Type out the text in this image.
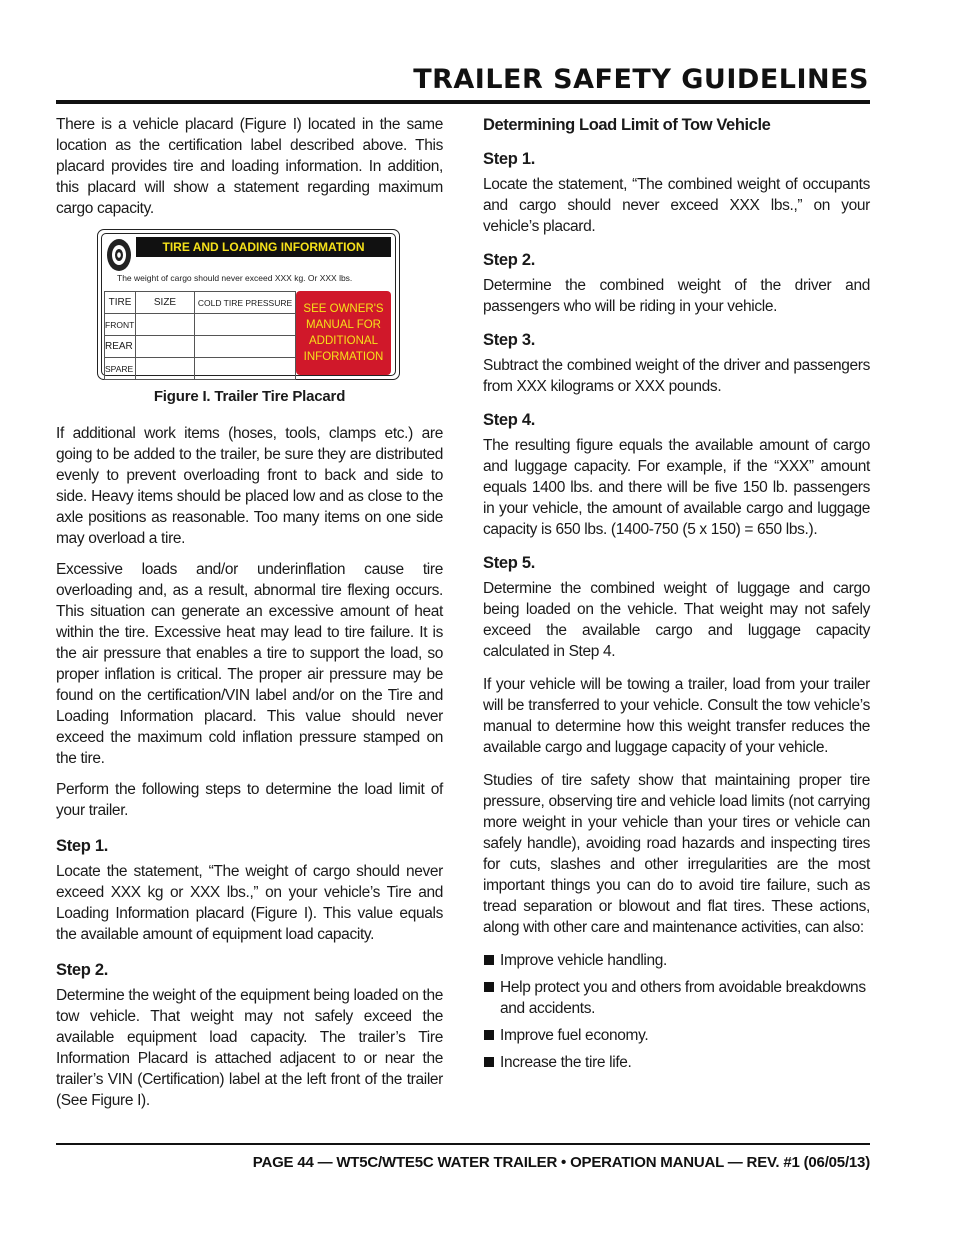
TRAILER SAFETY GUIDELINES

There is a vehicle placard (Figure I) located in the same location as the certification label described above. This placard provides tire and loading information. In addition, this placard will show a statement regarding maximum cargo capacity.

TIRE AND LOADING INFORMATION
The weight of cargo should never exceed XXX kg. Or XXX lbs.
TIRE	SIZE	COLD TIRE PRESSURE
FRONT		
REAR		
SPARE		
SEE OWNER'S MANUAL FOR ADDITIONAL INFORMATION
Figure I. Trailer Tire Placard

If additional work items (hoses, tools, clamps etc.) are going to be added to the trailer, be sure they are distributed evenly to prevent overloading front to back and side to side. Heavy items should be placed low and as close to the axle positions as reasonable. Too many items on one side may overload a tire.

Excessive loads and/or underinflation cause tire overloading and, as a result, abnormal tire flexing occurs. This situation can generate an excessive amount of heat within the tire. Excessive heat may lead to tire failure. It is the air pressure that enables a tire to support the load, so proper inflation is critical. The proper air pressure may be found on the certification/VIN label and/or on the Tire and Loading Information placard. This value should never exceed the maximum cold inflation pressure stamped on the tire.

Perform the following steps to determine the load limit of your trailer.

Step 1.

Locate the statement, “The weight of cargo should never exceed XXX kg or XXX lbs.,” on your vehicle’s Tire and Loading Information placard (Figure I). This value equals the available amount of equipment load capacity.

Step 2.

Determine the weight of the equipment being loaded on the tow vehicle. That weight may not safely exceed the available equipment load capacity. The trailer’s Tire Information Placard is attached adjacent to or near the trailer’s VIN (Certification) label at the left front of the trailer (See Figure I).

Determining Load Limit of Tow Vehicle
Step 1.

Locate the statement, “The combined weight of occupants and cargo should never exceed XXX lbs.,” on your vehicle’s placard.

Step 2.

Determine the combined weight of the driver and passengers who will be riding in your vehicle.

Step 3.

Subtract the combined weight of the driver and passengers from XXX kilograms or XXX pounds.

Step 4.

The resulting figure equals the available amount of cargo and luggage capacity. For example, if the “XXX” amount equals 1400 lbs. and there will be five 150 lb. passengers in your vehicle, the amount of available cargo and luggage capacity is 650 lbs. (1400-750 (5 x 150) = 650 lbs.).

Step 5.

Determine the combined weight of luggage and cargo being loaded on the vehicle. That weight may not safely exceed the available cargo and luggage capacity calculated in Step 4.

If your vehicle will be towing a trailer, load from your trailer will be transferred to your vehicle. Consult the tow vehicle’s manual to determine how this weight transfer reduces the available cargo and luggage capacity of your vehicle.

Studies of tire safety show that maintaining proper tire pressure, observing tire and vehicle load limits (not carrying more weight in your vehicle than your tires or vehicle can safely handle), avoiding road hazards and inspecting tires for cuts, slashes and other irregularities are the most important things you can do to avoid tire failure, such as tread separation or blowout and flat tires. These actions, along with other care and maintenance activities, can also:

Improve vehicle handling.
Help protect you and others from avoidable breakdowns and accidents.
Improve fuel economy.
Increase the tire life.
PAGE 44 — WT5C/WTE5C WATER TRAILER • OPERATION MANUAL — REV. #1 (06/05/13)
